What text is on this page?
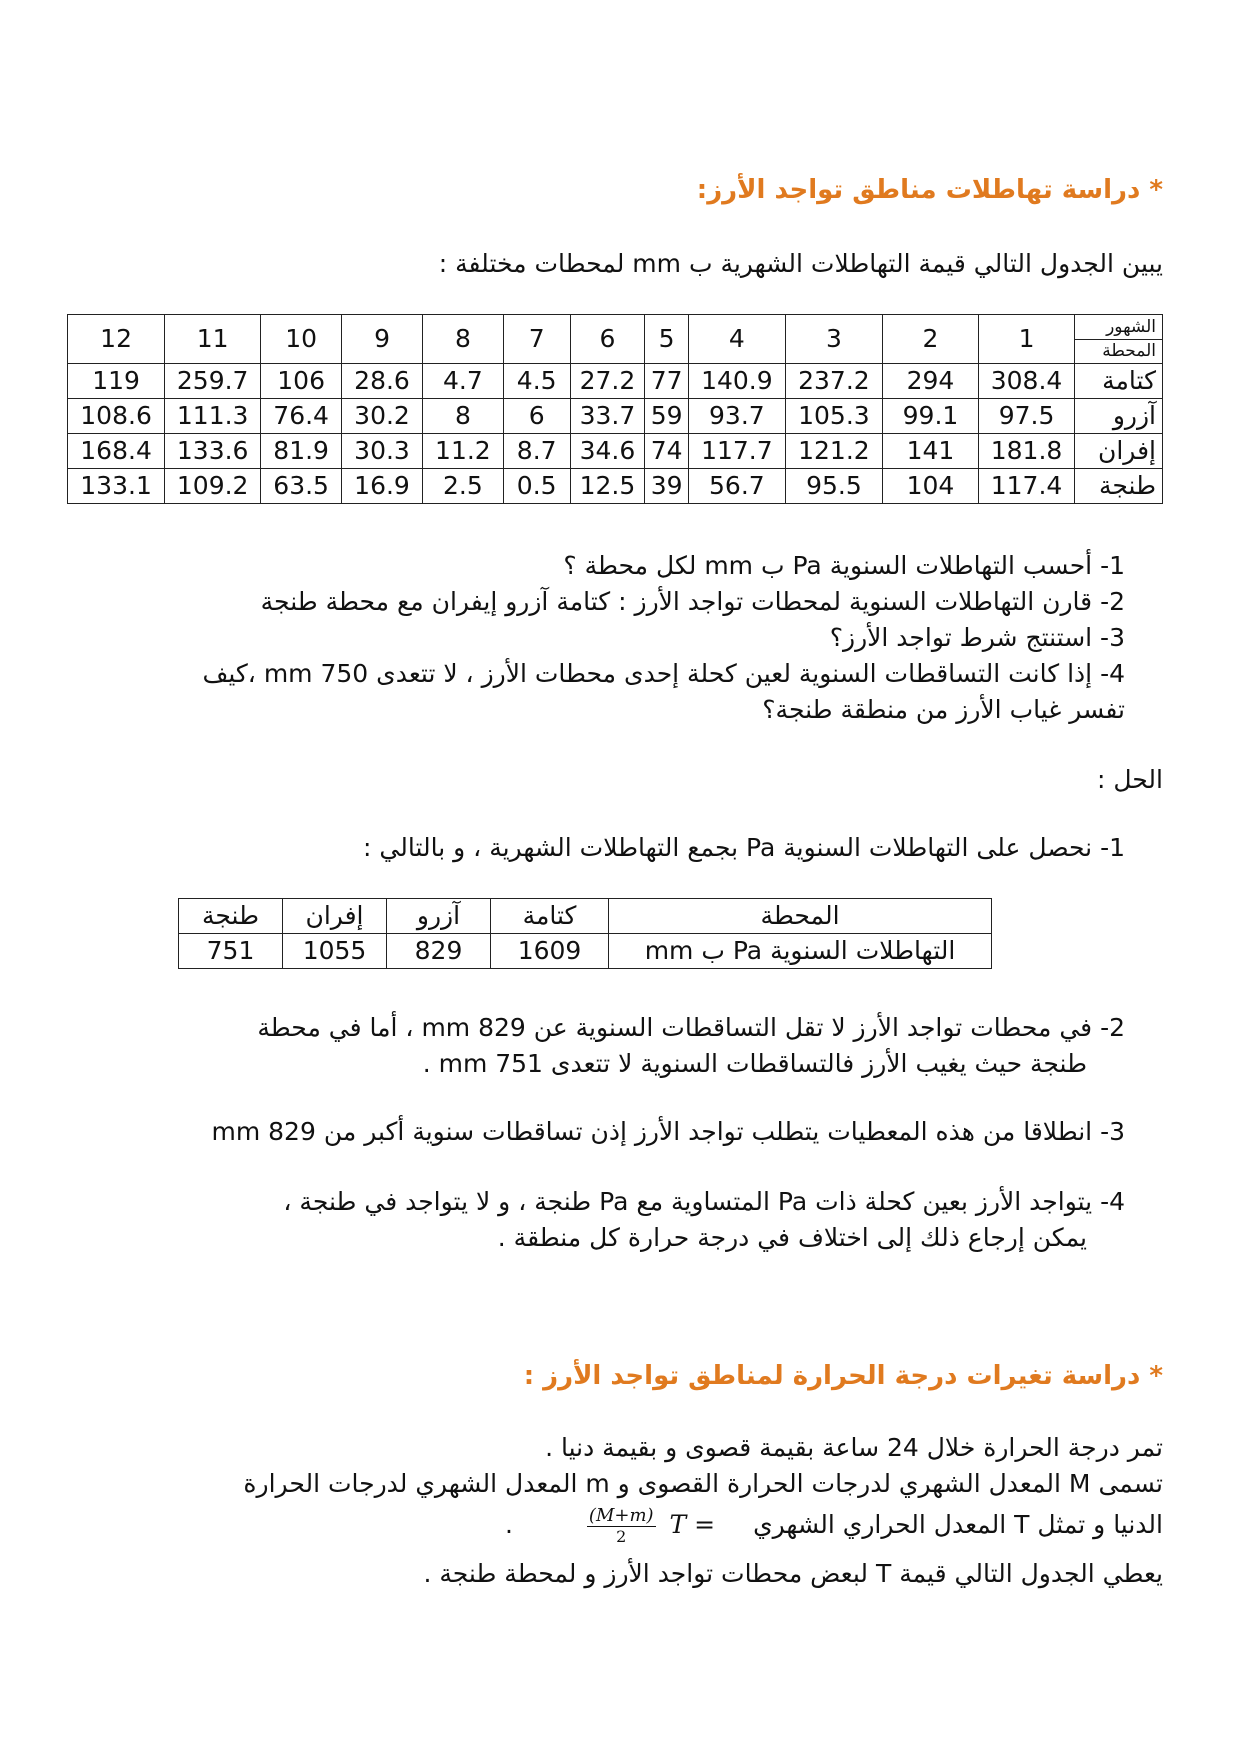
* دراسة تهاطلات مناطق تواجد الأرز:
يبين الجدول التالي قيمة التهاطلات الشهرية ب mm لمحطات مختلفة :
الشهور
المحطة	1	2	3	4	5	6	7	8	9	10	11	12
كتامة	308.4	294	237.2	140.9	77	27.2	4.5	4.7	28.6	106	259.7	119
آزرو	97.5	99.1	105.3	93.7	59	33.7	6	8	30.2	76.4	111.3	108.6
إفران	181.8	141	121.2	117.7	74	34.6	8.7	11.2	30.3	81.9	133.6	168.4
طنجة	117.4	104	95.5	56.7	39	12.5	0.5	2.5	16.9	63.5	109.2	133.1
1- أحسب التهاطلات السنوية Pa ب mm لكل محطة ؟
2- قارن التهاطلات السنوية لمحطات تواجد الأرز : كتامة آزرو إيفران مع محطة طنجة
3- استنتج شرط تواجد الأرز؟
4- إذا كانت التساقطات السنوية لعين كحلة إحدى محطات الأرز ، لا تتعدى 750 mm ،كيف
تفسر غياب الأرز من منطقة طنجة؟
الحل :
1- نحصل على التهاطلات السنوية Pa بجمع التهاطلات الشهرية ، و بالتالي :
المحطة	كتامة	آزرو	إفران	طنجة
التهاطلات السنوية Pa ب mm	1609	829	1055	751
2- في محطات تواجد الأرز لا تقل التساقطات السنوية عن mm 829 ، أما في محطة
طنجة حيث يغيب الأرز فالتساقطات السنوية لا تتعدى mm 751 .
3- انطلاقا من هذه المعطيات يتطلب تواجد الأرز إذن تساقطات سنوية أكبر من mm 829
4- يتواجد الأرز بعين كحلة ذات Pa المتساوية مع Pa طنجة ، و لا يتواجد في طنجة ،
يمكن إرجاع ذلك إلى اختلاف في درجة حرارة كل منطقة .
* دراسة تغيرات درجة الحرارة لمناطق تواجد الأرز :
تمر درجة الحرارة خلال 24 ساعة بقيمة قصوى و بقيمة دنيا .
تسمى M المعدل الشهري لدرجات الحرارة القصوى و m المعدل الشهري لدرجات الحرارة
الدنيا و تمثل T المعدل الحراري الشهري T =
$\frac{(M+m)}{2}$
.
يعطي الجدول التالي قيمة T لبعض محطات تواجد الأرز و لمحطة طنجة .
